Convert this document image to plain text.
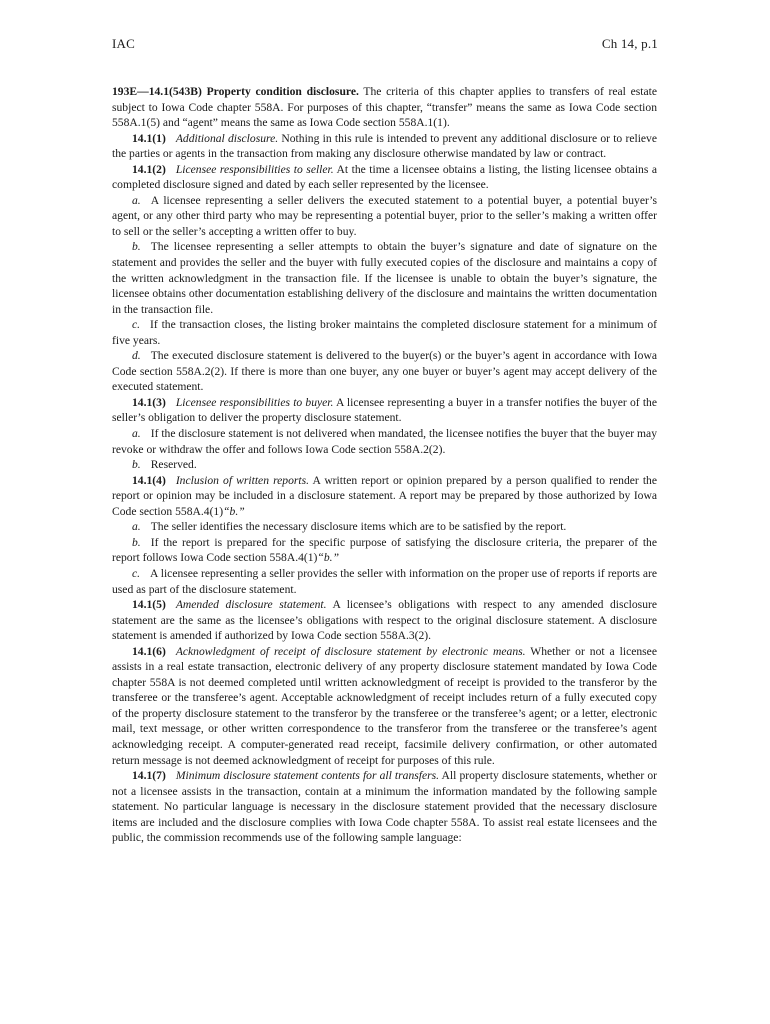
IAC	Ch 14, p.1

193E—14.1(543B) Property condition disclosure. The criteria of this chapter applies to transfers of real estate subject to Iowa Code chapter 558A. For purposes of this chapter, “transfer” means the same as Iowa Code section 558A.1(5) and “agent” means the same as Iowa Code section 558A.1(1).

14.1(1) Additional disclosure. Nothing in this rule is intended to prevent any additional disclosure or to relieve the parties or agents in the transaction from making any disclosure otherwise mandated by law or contract.

14.1(2) Licensee responsibilities to seller. At the time a licensee obtains a listing, the listing licensee obtains a completed disclosure signed and dated by each seller represented by the licensee.

a. A licensee representing a seller delivers the executed statement to a potential buyer, a potential buyer’s agent, or any other third party who may be representing a potential buyer, prior to the seller’s making a written offer to sell or the seller’s accepting a written offer to buy.

b. The licensee representing a seller attempts to obtain the buyer’s signature and date of signature on the statement and provides the seller and the buyer with fully executed copies of the disclosure and maintains a copy of the written acknowledgment in the transaction file. If the licensee is unable to obtain the buyer’s signature, the licensee obtains other documentation establishing delivery of the disclosure and maintains the written documentation in the transaction file.

c. If the transaction closes, the listing broker maintains the completed disclosure statement for a minimum of five years.

d. The executed disclosure statement is delivered to the buyer(s) or the buyer’s agent in accordance with Iowa Code section 558A.2(2). If there is more than one buyer, any one buyer or buyer’s agent may accept delivery of the executed statement.

14.1(3) Licensee responsibilities to buyer. A licensee representing a buyer in a transfer notifies the buyer of the seller’s obligation to deliver the property disclosure statement.

a. If the disclosure statement is not delivered when mandated, the licensee notifies the buyer that the buyer may revoke or withdraw the offer and follows Iowa Code section 558A.2(2).

b. Reserved.

14.1(4) Inclusion of written reports. A written report or opinion prepared by a person qualified to render the report or opinion may be included in a disclosure statement. A report may be prepared by those authorized by Iowa Code section 558A.4(1)“b.”

a. The seller identifies the necessary disclosure items which are to be satisfied by the report.

b. If the report is prepared for the specific purpose of satisfying the disclosure criteria, the preparer of the report follows Iowa Code section 558A.4(1)“b.”

c. A licensee representing a seller provides the seller with information on the proper use of reports if reports are used as part of the disclosure statement.

14.1(5) Amended disclosure statement. A licensee’s obligations with respect to any amended disclosure statement are the same as the licensee’s obligations with respect to the original disclosure statement. A disclosure statement is amended if authorized by Iowa Code section 558A.3(2).

14.1(6) Acknowledgment of receipt of disclosure statement by electronic means. Whether or not a licensee assists in a real estate transaction, electronic delivery of any property disclosure statement mandated by Iowa Code chapter 558A is not deemed completed until written acknowledgment of receipt is provided to the transferor by the transferee or the transferee’s agent. Acceptable acknowledgment of receipt includes return of a fully executed copy of the property disclosure statement to the transferor by the transferee or the transferee’s agent; or a letter, electronic mail, text message, or other written correspondence to the transferor from the transferee or the transferee’s agent acknowledging receipt. A computer-generated read receipt, facsimile delivery confirmation, or other automated return message is not deemed acknowledgment of receipt for purposes of this rule.

14.1(7) Minimum disclosure statement contents for all transfers. All property disclosure statements, whether or not a licensee assists in the transaction, contain at a minimum the information mandated by the following sample statement. No particular language is necessary in the disclosure statement provided that the necessary disclosure items are included and the disclosure complies with Iowa Code chapter 558A. To assist real estate licensees and the public, the commission recommends use of the following sample language:
